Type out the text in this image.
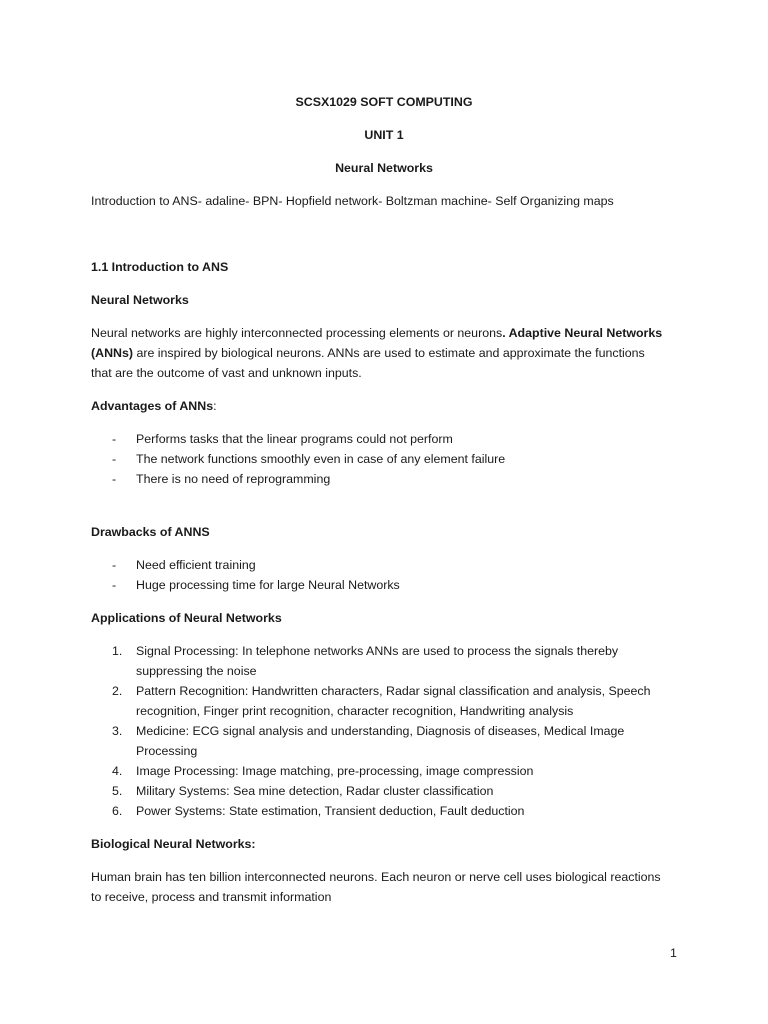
SCSX1029 SOFT COMPUTING
UNIT 1
Neural Networks
Introduction to ANS- adaline- BPN- Hopfield network- Boltzman machine- Self Organizing maps
1.1 Introduction to ANS
Neural Networks
Neural networks are highly interconnected processing elements or neurons. Adaptive Neural Networks
(ANNs) are inspired by biological neurons. ANNs are used to estimate and approximate the functions
that are the outcome of vast and unknown inputs.
Advantages of ANNs:
- Performs tasks that the linear programs could not perform
- The network functions smoothly even in case of any element failure
- There is no need of reprogramming
Drawbacks of ANNS
- Need efficient training
- Huge processing time for large Neural Networks
Applications of Neural Networks
1. Signal Processing: In telephone networks ANNs are used to process the signals thereby
suppressing the noise
2. Pattern Recognition: Handwritten characters, Radar signal classification and analysis, Speech
recognition, Finger print recognition, character recognition, Handwriting analysis
3. Medicine: ECG signal analysis and understanding, Diagnosis of diseases, Medical Image
Processing
4. Image Processing: Image matching, pre-processing, image compression
5. Military Systems: Sea mine detection, Radar cluster classification
6. Power Systems: State estimation, Transient deduction, Fault deduction
Biological Neural Networks:
Human brain has ten billion interconnected neurons. Each neuron or nerve cell uses biological reactions
to receive, process and transmit information
1
